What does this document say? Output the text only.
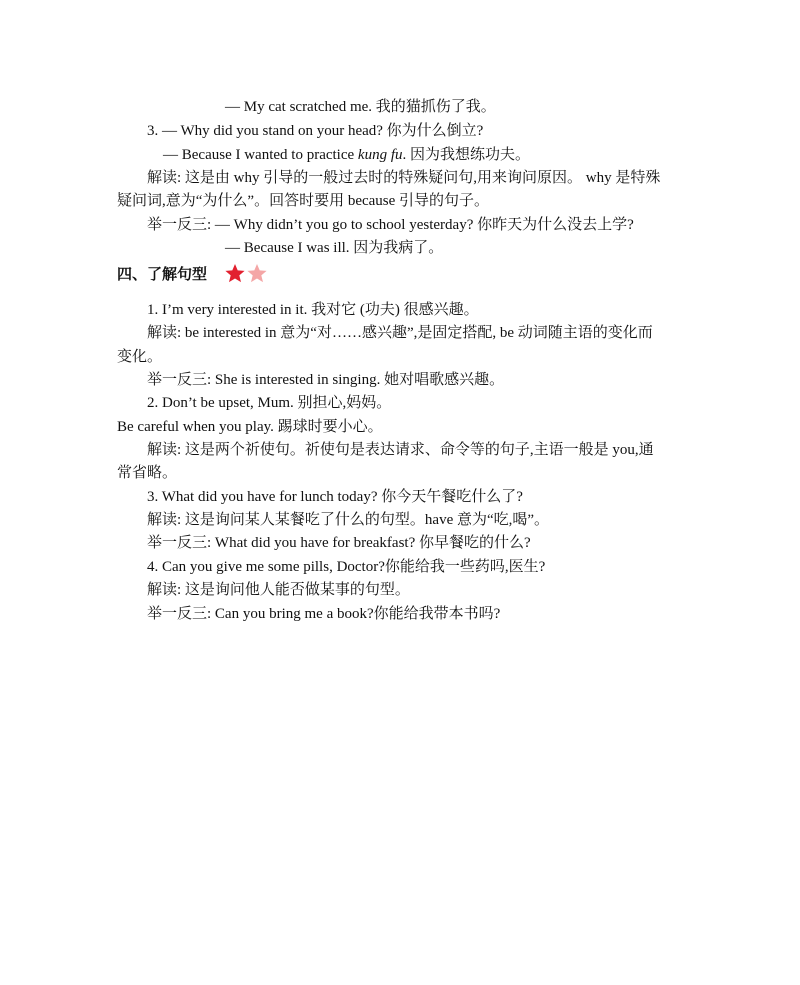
— My cat scratched me. 我的猫抓伤了我。
3. — Why did you stand on your head? 你为什么倒立?
— Because I wanted to practice kung fu. 因为我想练功夫。
解读: 这是由 why 引导的一般过去时的特殊疑问句,用来询问原因。 why 是特殊
疑问词,意为“为什么”。回答时要用 because 引导的句子。
举一反三: — Why didn’t you go to school yesterday? 你昨天为什么没去上学?
— Because I was ill. 因为我病了。
四、了解句型
1. I’m very interested in it. 我对它 (功夫) 很感兴趣。
解读: be interested in 意为“对……感兴趣”,是固定搭配, be 动词随主语的变化而
变化。
举一反三: She is interested in singing. 她对唱歌感兴趣。
2. Don’t be upset, Mum. 别担心,妈妈。
Be careful when you play. 踢球时要小心。
解读: 这是两个祈使句。祈使句是表达请求、命令等的句子,主语一般是 you,通
常省略。
3. What did you have for lunch today? 你今天午餐吃什么了?
解读: 这是询问某人某餐吃了什么的句型。have 意为“吃,喝”。
举一反三: What did you have for breakfast? 你早餐吃的什么?
4. Can you give me some pills, Doctor?你能给我一些药吗,医生?
解读: 这是询问他人能否做某事的句型。
举一反三: Can you bring me a book?你能给我带本书吗?
